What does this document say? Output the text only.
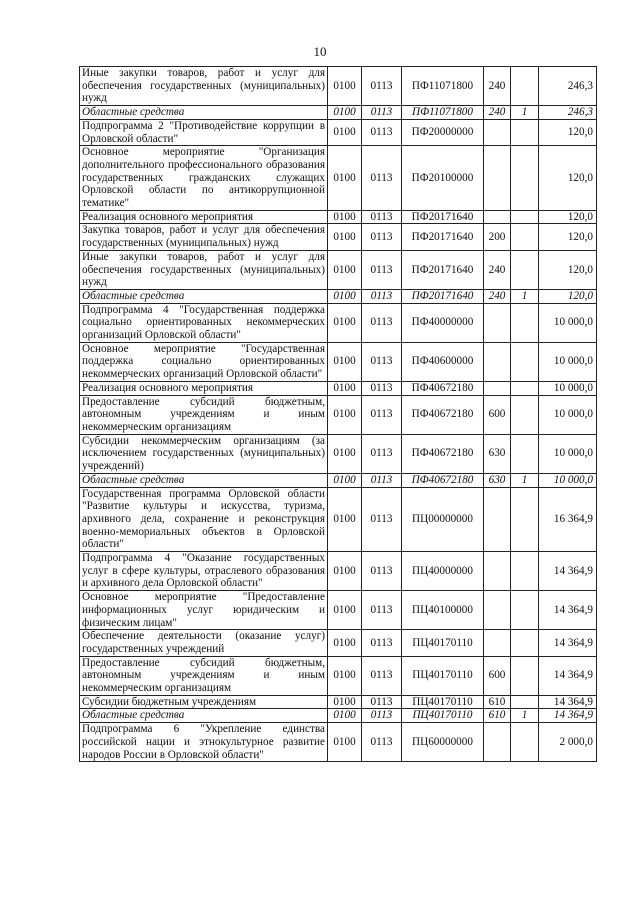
10
Иные закупки товаров, работ и услуг для обеспечения государственных (муниципальных) нужд	0100	0113	ПФ11071800	240		246,3
Областные средства	0100	0113	ПФ11071800	240	1	246,3
Подпрограмма 2 "Противодействие коррупции в Орловской области"	0100	0113	ПФ20000000			120,0
Основное мероприятие "Организация дополнительного профессионального образования государственных гражданских служащих Орловской области по антикоррупционной тематике"	0100	0113	ПФ20100000			120,0
Реализация основного мероприятия	0100	0113	ПФ20171640			120,0
Закупка товаров, работ и услуг для обеспечения государственных (муниципальных) нужд	0100	0113	ПФ20171640	200		120,0
Иные закупки товаров, работ и услуг для обеспечения государственных (муниципальных) нужд	0100	0113	ПФ20171640	240		120,0
Областные средства	0100	0113	ПФ20171640	240	1	120,0
Подпрограмма 4 "Государственная поддержка социально ориентированных некоммерческих организаций Орловской области"	0100	0113	ПФ40000000			10 000,0
Основное мероприятие "Государственная поддержка социально ориентированных некоммерческих организаций Орловской области"	0100	0113	ПФ40600000			10 000,0
Реализация основного мероприятия	0100	0113	ПФ40672180			10 000,0
Предоставление субсидий бюджетным, автономным учреждениям и иным некоммерческим организациям	0100	0113	ПФ40672180	600		10 000,0
Субсидии некоммерческим организациям (за исключением государственных (муниципальных) учреждений)	0100	0113	ПФ40672180	630		10 000,0
Областные средства	0100	0113	ПФ40672180	630	1	10 000,0
Государственная программа Орловской области "Развитие культуры и искусства, туризма, архивного дела, сохранение и реконструкция военно-мемориальных объектов в Орловской области"	0100	0113	ПЦ00000000			16 364,9
Подпрограмма 4 "Оказание государственных услуг в сфере культуры, отраслевого образования и архивного дела Орловской области"	0100	0113	ПЦ40000000			14 364,9
Основное мероприятие "Предоставление информационных услуг юридическим и физическим лицам"	0100	0113	ПЦ40100000			14 364,9
Обеспечение деятельности (оказание услуг) государственных учреждений	0100	0113	ПЦ40170110			14 364,9
Предоставление субсидий бюджетным, автономным учреждениям и иным некоммерческим организациям	0100	0113	ПЦ40170110	600		14 364,9
Субсидии бюджетным учреждениям	0100	0113	ПЦ40170110	610		14 364,9
Областные средства	0100	0113	ПЦ40170110	610	1	14 364,9
Подпрограмма 6 "Укрепление единства российской нации и этнокультурное развитие народов России в Орловской области"	0100	0113	ПЦ60000000			2 000,0
